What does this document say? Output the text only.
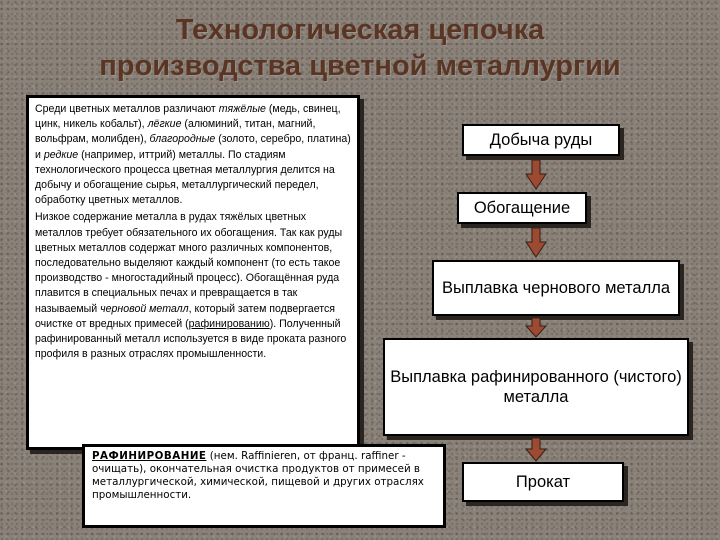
Технологическая цепочка
производства цветной металлургии

Среди цветных металлов различают тяжёлые (медь, свинец, цинк, никель кобальт), лёгкие (алюминий, титан, магний, вольфрам, молибден), благородные (золото, серебро, платина) и редкие (например, иттрий) металлы. По стадиям технологического процесса цветная металлургия делится на добычу и обогащение сырья, металлургический передел, обработку цветных металлов.

Низкое содержание металла в рудах тяжёлых цветных металлов требует обязательного их обогащения. Так как руды цветных металлов содержат много различных компонентов, последовательно выделяют каждый компонент (то есть такое производство - многостадийный процесс). Обогащённая руда плавится в специальных печах и превращается в так называемый черновой металл, который затем подвергается очистке от вредных примесей (рафинированию). Полученный рафинированный металл используется в виде проката разного профиля в разных отраслях промышленности.

РАФИНИРОВАНИЕ (нем. Raffinieren, от франц. raffiner - очищать), окончательная очистка продуктов от примесей в металлургической, химической, пищевой и других отраслях промышленности.
Добыча руды
Обогащение
Выплавка чернового металла
Выплавка рафинированного (чистого) металла
Прокат
